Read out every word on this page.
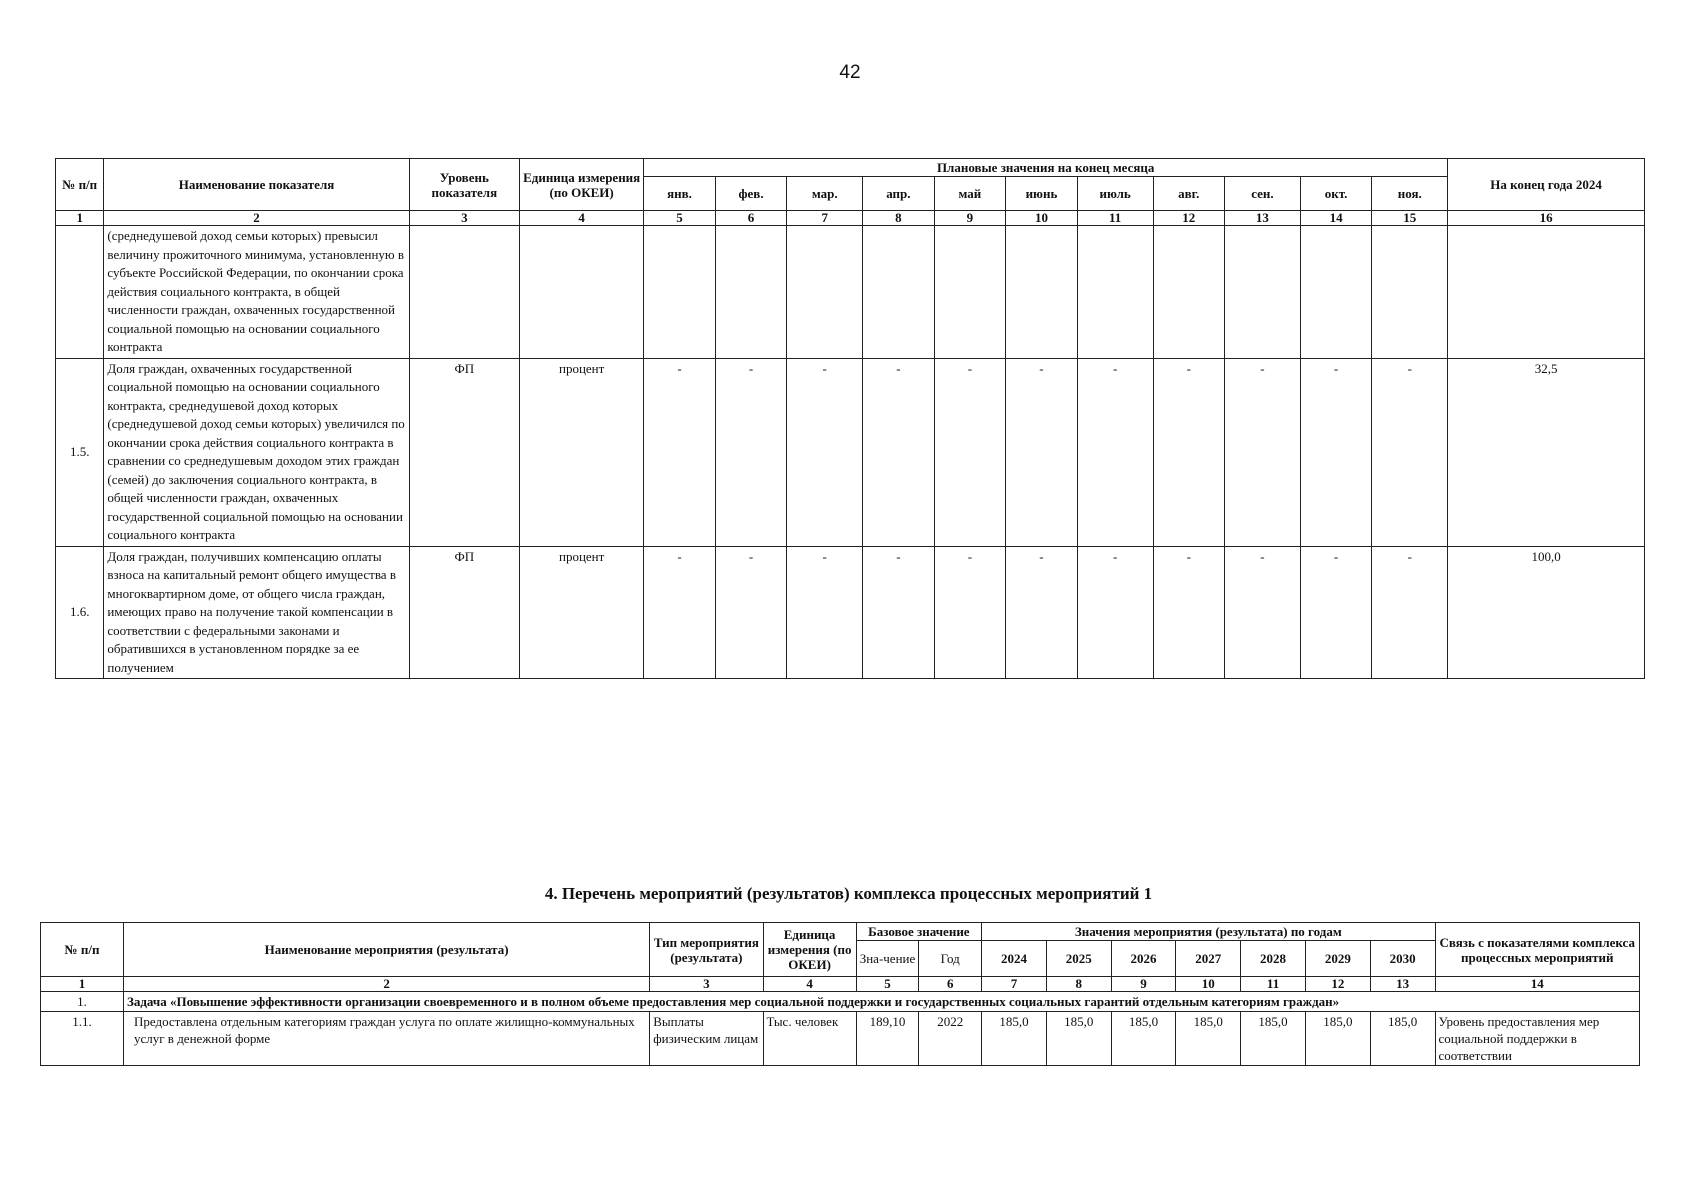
42
№ п/п	Наименование показателя	Уровень показателя	Единица измерения (по ОКЕИ)	Плановые значения на конец месяца											На конец года 2024
				янв.	фев.	мар.	апр.	май	июнь	июль	авг.	сен.	окт.	ноя.	
1	2	3	4	5	6	7	8	9	10	11	12	13	14	15	16
	(среднедушевой доход семьи которых) превысил величину прожиточного минимума, установленную в субъекте Российской Федерации, по окончании срока действия социального контракта, в общей численности граждан, охваченных государственной социальной помощью на основании социального контракта														
1.5.	Доля граждан, охваченных государственной социальной помощью на основании социального контракта, среднедушевой доход которых (среднедушевой доход семьи которых) увеличился по окончании срока действия социального контракта в сравнении со среднедушевым доходом этих граждан (семей) до заключения социального контракта, в общей численности граждан, охваченных государственной социальной помощью на основании социального контракта	ФП	процент	-	-	-	-	-	-	-	-	-	-	-	32,5
1.6.	Доля граждан, получивших компенсацию оплаты взноса на капитальный ремонт общего имущества в многоквартирном доме, от общего числа граждан, имеющих право на получение такой компенсации в соответствии с федеральными законами и обратившихся в установленном порядке за ее получением	ФП	процент	-	-	-	-	-	-	-	-	-	-	-	100,0
4. Перечень мероприятий (результатов) комплекса процессных мероприятий 1
№ п/п	Наименование мероприятия (результата)	Тип мероприятия (результата)	Единица измерения (по ОКЕИ)	Базовое значение		Значения мероприятия (результата) по годам							Связь с показателями комплекса процессных мероприятий
				Зна-чение	Год	2024	2025	2026	2027	2028	2029	2030	
1	2	3	4	5	6	7	8	9	10	11	12	13	14
1.	Задача «Повышение эффективности организации своевременного и в полном объеме предоставления мер социальной поддержки и государственных социальных гарантий отдельным категориям граждан»												
1.1.	Предоставлена отдельным категориям граждан услуга по оплате жилищно-коммунальных услуг в денежной форме	Выплаты физическим лицам	Тыс. человек	189,10	2022	185,0	185,0	185,0	185,0	185,0	185,0	185,0	Уровень предоставления мер социальной поддержки в соответствии
